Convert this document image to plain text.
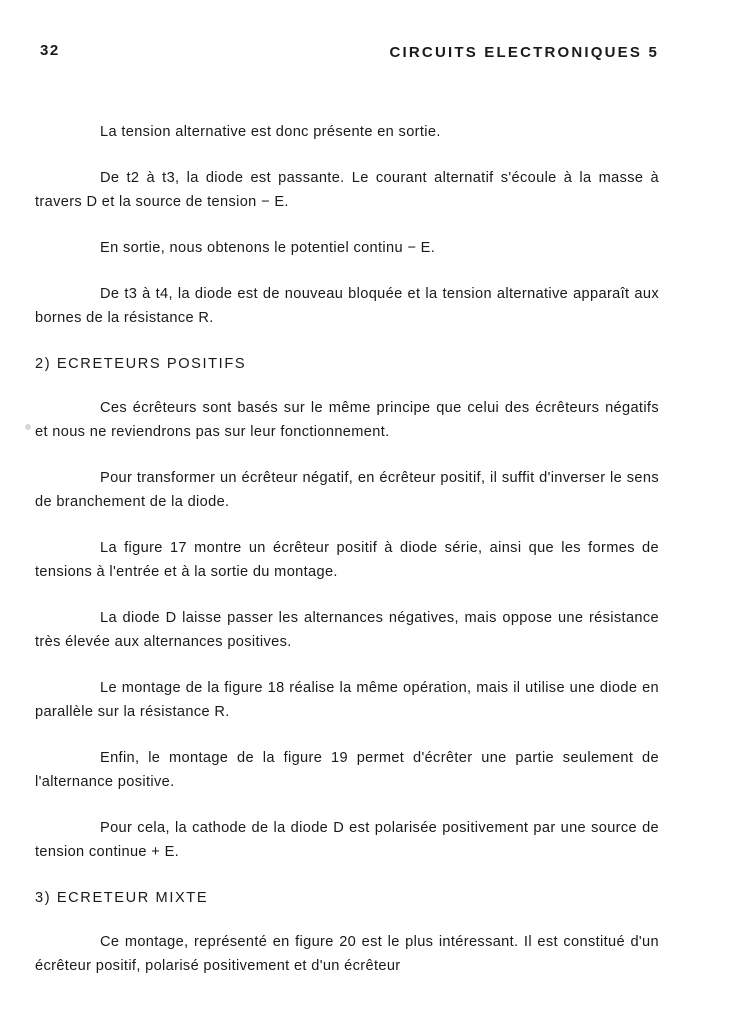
32	CIRCUITS ELECTRONIQUES 5

La tension alternative est donc présente en sortie.

De t2 à t3, la diode est passante. Le courant alternatif s'écoule à la masse à travers D et la source de tension − E.

En sortie, nous obtenons le potentiel continu − E.

De t3 à t4, la diode est de nouveau bloquée et la tension alternative apparaît aux bornes de la résistance R.

2) ECRETEURS POSITIFS

Ces écrêteurs sont basés sur le même principe que celui des écrêteurs négatifs et nous ne reviendrons pas sur leur fonctionnement.

Pour transformer un écrêteur négatif, en écrêteur positif, il suffit d'inverser le sens de branchement de la diode.

La figure 17 montre un écrêteur positif à diode série, ainsi que les formes de tensions à l'entrée et à la sortie du montage.

La diode D laisse passer les alternances négatives, mais oppose une résistance très élevée aux alternances positives.

Le montage de la figure 18 réalise la même opération, mais il utilise une diode en parallèle sur la résistance R.

Enfin, le montage de la figure 19 permet d'écrêter une partie seulement de l'alternance positive.

Pour cela, la cathode de la diode D est polarisée positivement par une source de tension continue + E.

3) ECRETEUR MIXTE

Ce montage, représenté en figure 20 est le plus intéressant. Il est constitué d'un écrêteur positif, polarisé positivement et d'un écrêteur
